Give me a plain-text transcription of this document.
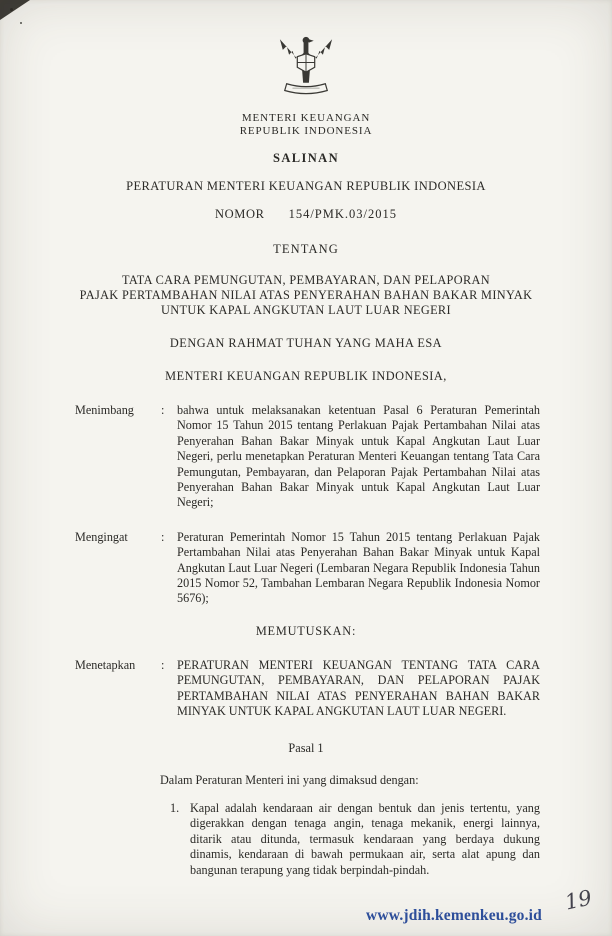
MENTERI KEUANGAN
REPUBLIK INDONESIA
SALINAN
PERATURAN MENTERI KEUANGAN REPUBLIK INDONESIA
NOMOR 154/PMK.03/2015
TENTANG
TATA CARA PEMUNGUTAN, PEMBAYARAN, DAN PELAPORAN
PAJAK PERTAMBAHAN NILAI ATAS PENYERAHAN BAHAN BAKAR MINYAK
UNTUK KAPAL ANGKUTAN LAUT LUAR NEGERI
DENGAN RAHMAT TUHAN YANG MAHA ESA
MENTERI KEUANGAN REPUBLIK INDONESIA,
Menimbang	:	bahwa untuk melaksanakan ketentuan Pasal 6 Peraturan Pemerintah Nomor 15 Tahun 2015 tentang Perlakuan Pajak Pertambahan Nilai atas Penyerahan Bahan Bakar Minyak untuk Kapal Angkutan Laut Luar Negeri, perlu menetapkan Peraturan Menteri Keuangan tentang Tata Cara Pemungutan, Pembayaran, dan Pelaporan Pajak Pertambahan Nilai atas Penyerahan Bahan Bakar Minyak untuk Kapal Angkutan Laut Luar Negeri;
Mengingat	:	Peraturan Pemerintah Nomor 15 Tahun 2015 tentang Perlakuan Pajak Pertambahan Nilai atas Penyerahan Bahan Bakar Minyak untuk Kapal Angkutan Laut Luar Negeri (Lembaran Negara Republik Indonesia Tahun 2015 Nomor 52, Tambahan Lembaran Negara Republik Indonesia Nomor 5676);
MEMUTUSKAN:
Menetapkan	:	PERATURAN MENTERI KEUANGAN TENTANG TATA CARA PEMUNGUTAN, PEMBAYARAN, DAN PELAPORAN PAJAK PERTAMBAHAN NILAI ATAS PENYERAHAN BAHAN BAKAR MINYAK UNTUK KAPAL ANGKUTAN LAUT LUAR NEGERI.
Pasal 1
Dalam Peraturan Menteri ini yang dimaksud dengan:
1. Kapal adalah kendaraan air dengan bentuk dan jenis tertentu, yang digerakkan dengan tenaga angin, tenaga mekanik, energi lainnya, ditarik atau ditunda, termasuk kendaraan yang berdaya dukung dinamis, kendaraan di bawah permukaan air, serta alat apung dan bangunan terapung yang tidak berpindah-pindah.
www.jdih.kemenkeu.go.id
19
